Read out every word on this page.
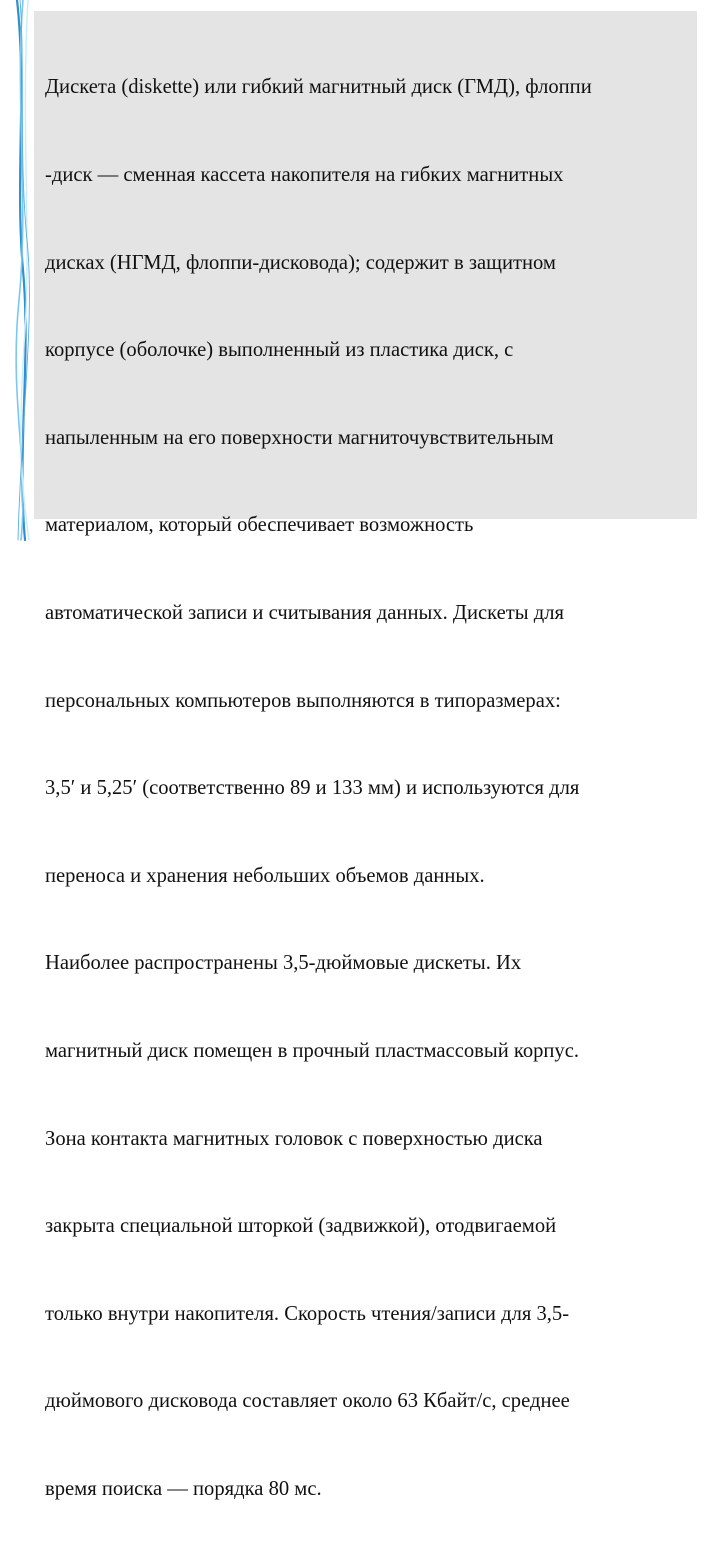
Дискета (diskette) или гибкий магнитный диск (ГМД), флоппи

-диск — сменная кассета накопителя на гибких магнитных

дисках (НГМД, флоппи-дисковода); содержит в защитном

корпусе (оболочке) выполненный из пластика диск, с

напыленным на его поверхности магниточувствительным

материалом, который обеспечивает возможность

автоматической записи и считывания данных. Дискеты для

персональных компьютеров выполняются в типоразмерах:

3,5ʹ и 5,25ʹ (соответственно 89 и 133 мм) и используются для

переноса и хранения небольших объемов данных.

Наиболее распространены 3,5-дюймовые дискеты. Их

магнитный диск помещен в прочный пластмассовый корпус.

Зона контакта магнитных головок с поверхностью диска

закрыта специальной шторкой (задвижкой), отодвигаемой

только внутри накопителя. Скорость чтения/записи для 3,5-

дюймового дисковода составляет около 63 Кбайт/с, среднее

время поиска — порядка 80 мс.
